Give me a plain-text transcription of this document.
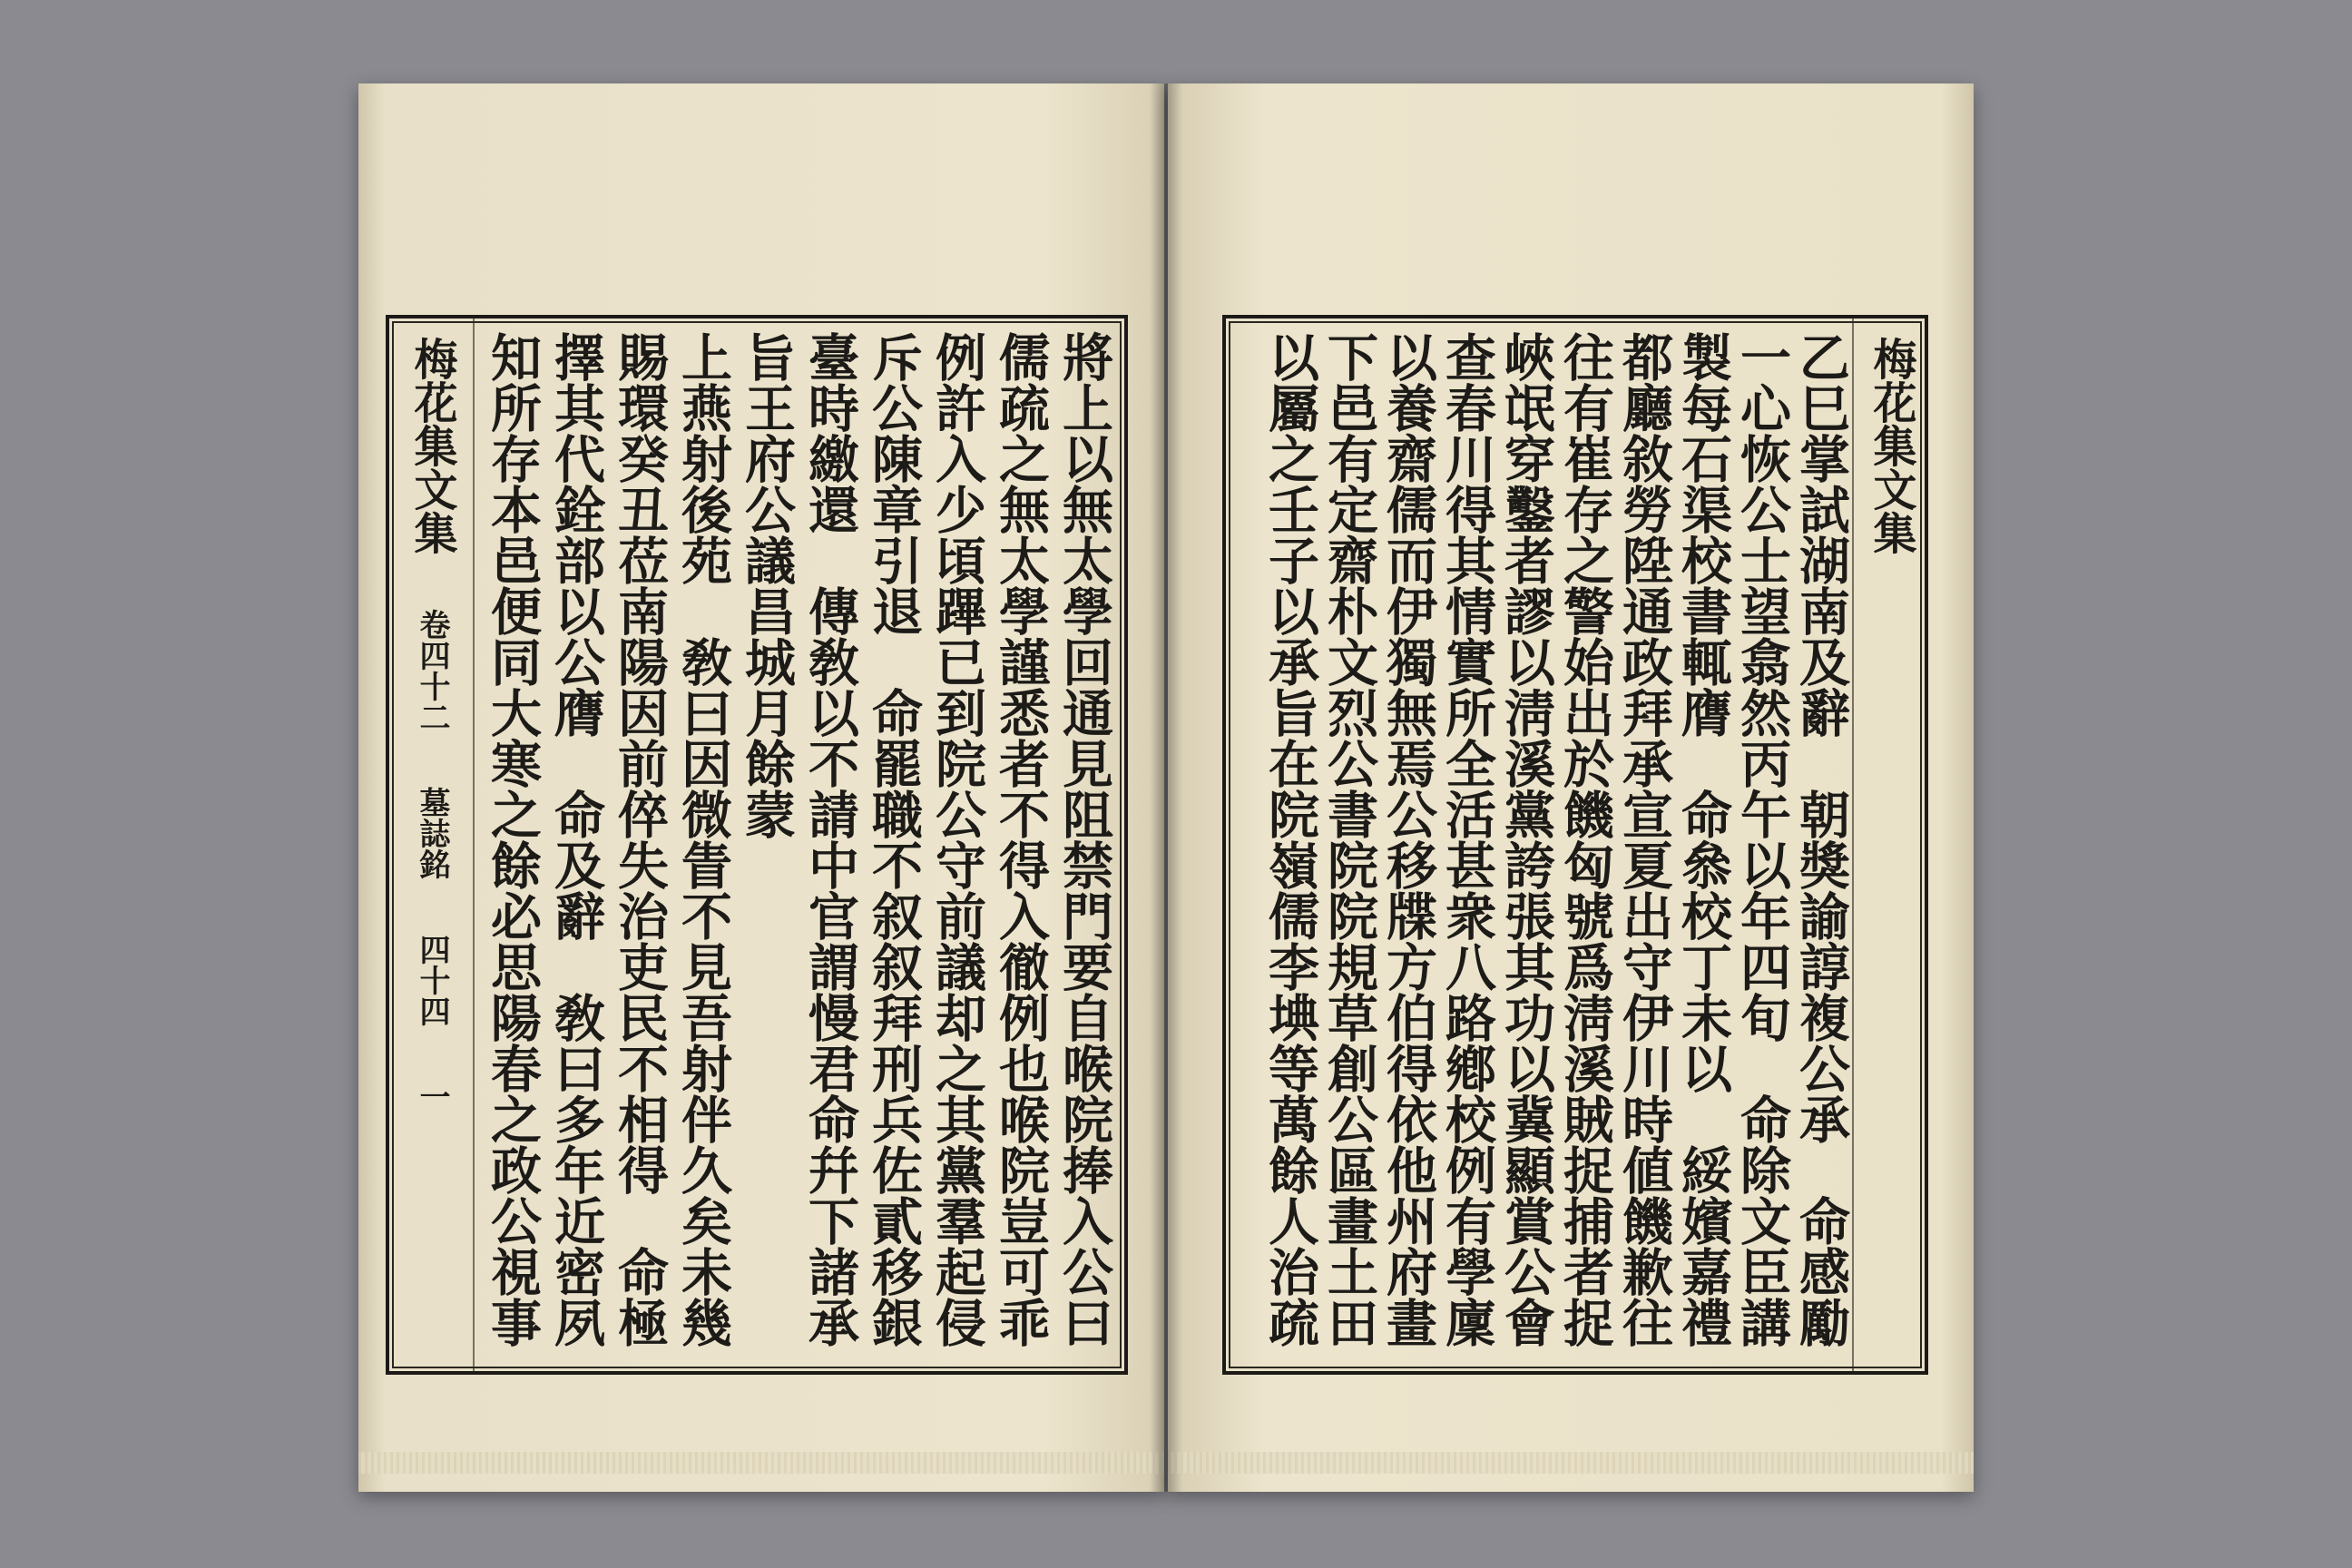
將上以無太學回通見阻禁門要自喉院捧入公曰
儒疏之無太學謹悉者不得入徹例也喉院豈可乖
例許入少頃蹕已到院公守前議却之其黨羣起侵
斥公陳章引退　命罷職不叙叙拜刑兵佐貳移銀
臺時繳還　傳敎以不請中官謂慢君命幷下諸承
旨王府公議昌城月餘蒙
上燕射後苑　敎曰因微眚不見吾射伴久矣未幾
賜環癸丑莅南陽因前倅失治吏民不相得　命極
擇其代銓部以公膺　命及辭　敎曰多年近密夙
知所存本邑便同大寒之餘必思陽春之政公視事
梅花集文集卷四十二墓誌銘四十四一	乙巳掌試湖南及辭　朝獎諭諄複公承　命感勵
一心恢公士望翕然丙午以年四旬　命除文臣講
製每石渠校書輒膺　命叅校丁未以　綏嬪嘉禮
都廳敘勞陞通政拜承宣夏出守伊川時値饑歉往
往有崔存之警始出於饑匈號爲淸溪賊捉捕者捉
峽氓穿鑿者謬以淸溪黨誇張其功以冀顯賞公會
查春川得其情實所全活甚衆八路鄕校例有學廩
以養齋儒而伊獨無焉公移牒方伯得依他州府畫
下邑有定齋朴文烈公書院院規草創公區畫土田
以屬之壬子以承旨在院嶺儒李㙉等萬餘人治疏	梅花集文集
